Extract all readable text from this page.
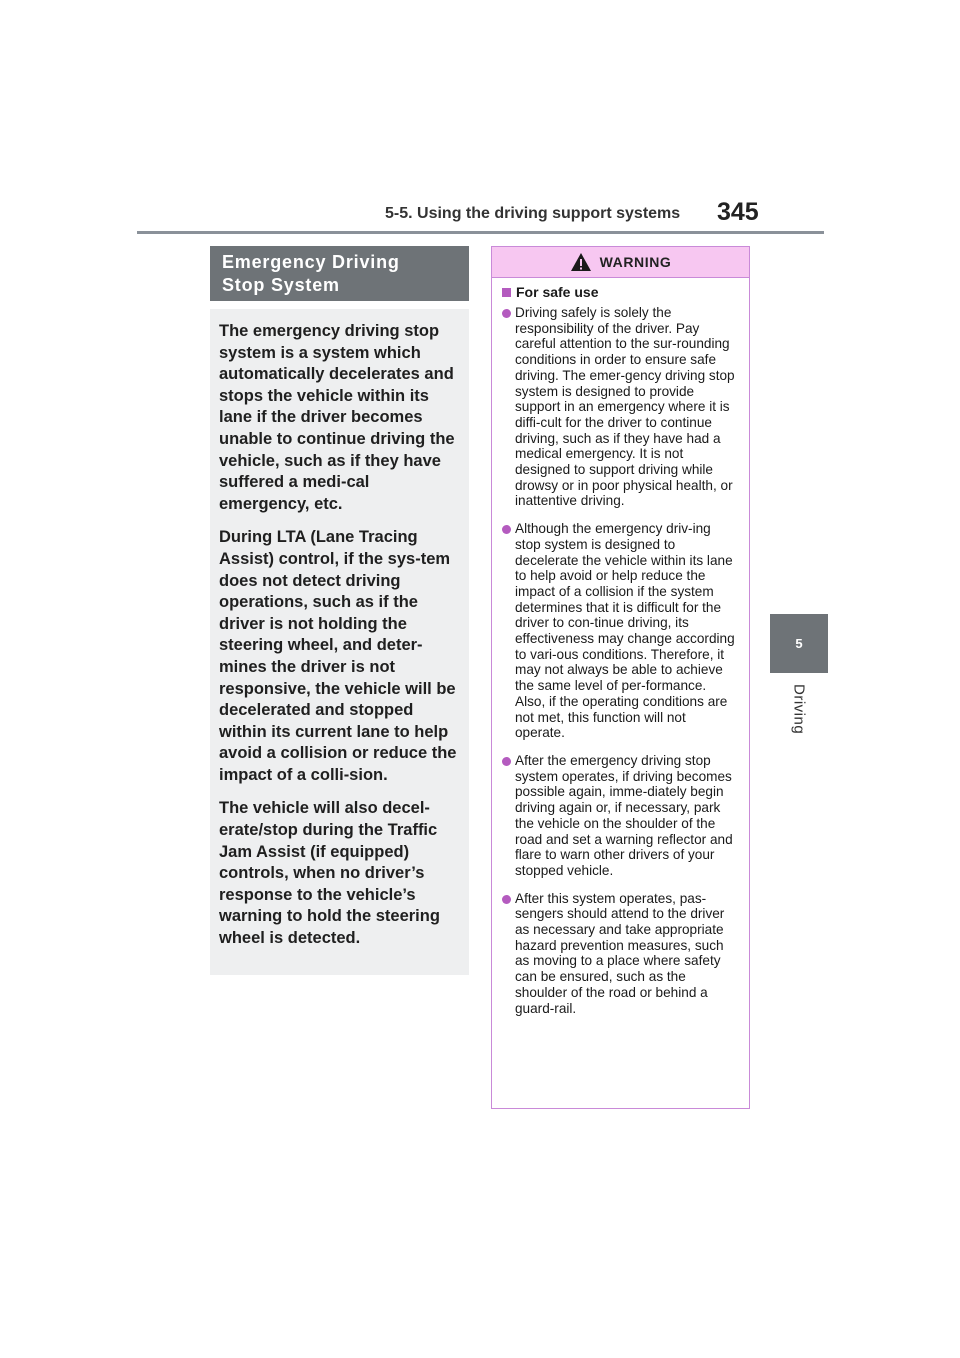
5-5. Using the driving support systems 345
5
Driving
Emergency Driving
Stop System

The emergency driving stop system is a system which automatically decelerates and stops the vehicle within its lane if the driver becomes unable to continue driving the vehicle, such as if they have suffered a medi-cal emergency, etc.

During LTA (Lane Tracing Assist) control, if the sys-tem does not detect driving operations, such as if the driver is not holding the steering wheel, and deter-mines the driver is not responsive, the vehicle will be decelerated and stopped within its current lane to help avoid a collision or reduce the impact of a colli-sion.

The vehicle will also decel-erate/stop during the Traffic Jam Assist (if equipped) controls, when no driver’s response to the vehicle’s warning to hold the steering wheel is detected.

WARNING
For safe use
Driving safely is solely the responsibility of the driver. Pay careful attention to the sur-rounding conditions in order to ensure safe driving. The emer-gency driving stop system is designed to provide support in an emergency where it is diffi-cult for the driver to continue driving, such as if they have had a medical emergency. It is not designed to support driving while drowsy or in poor physical health, or inattentive driving.
Although the emergency driv-ing stop system is designed to decelerate the vehicle within its lane to help avoid or help reduce the impact of a collision if the system determines that it is difficult for the driver to con-tinue driving, its effectiveness may change according to vari-ous conditions. Therefore, it may not always be able to achieve the same level of per-formance. Also, if the operating conditions are not met, this function will not operate.
After the emergency driving stop system operates, if driving becomes possible again, imme-diately begin driving again or, if necessary, park the vehicle on the shoulder of the road and set a warning reflector and flare to warn other drivers of your stopped vehicle.
After this system operates, pas-sengers should attend to the driver as necessary and take appropriate hazard prevention measures, such as moving to a place where safety can be ensured, such as the shoulder of the road or behind a guard-rail.
